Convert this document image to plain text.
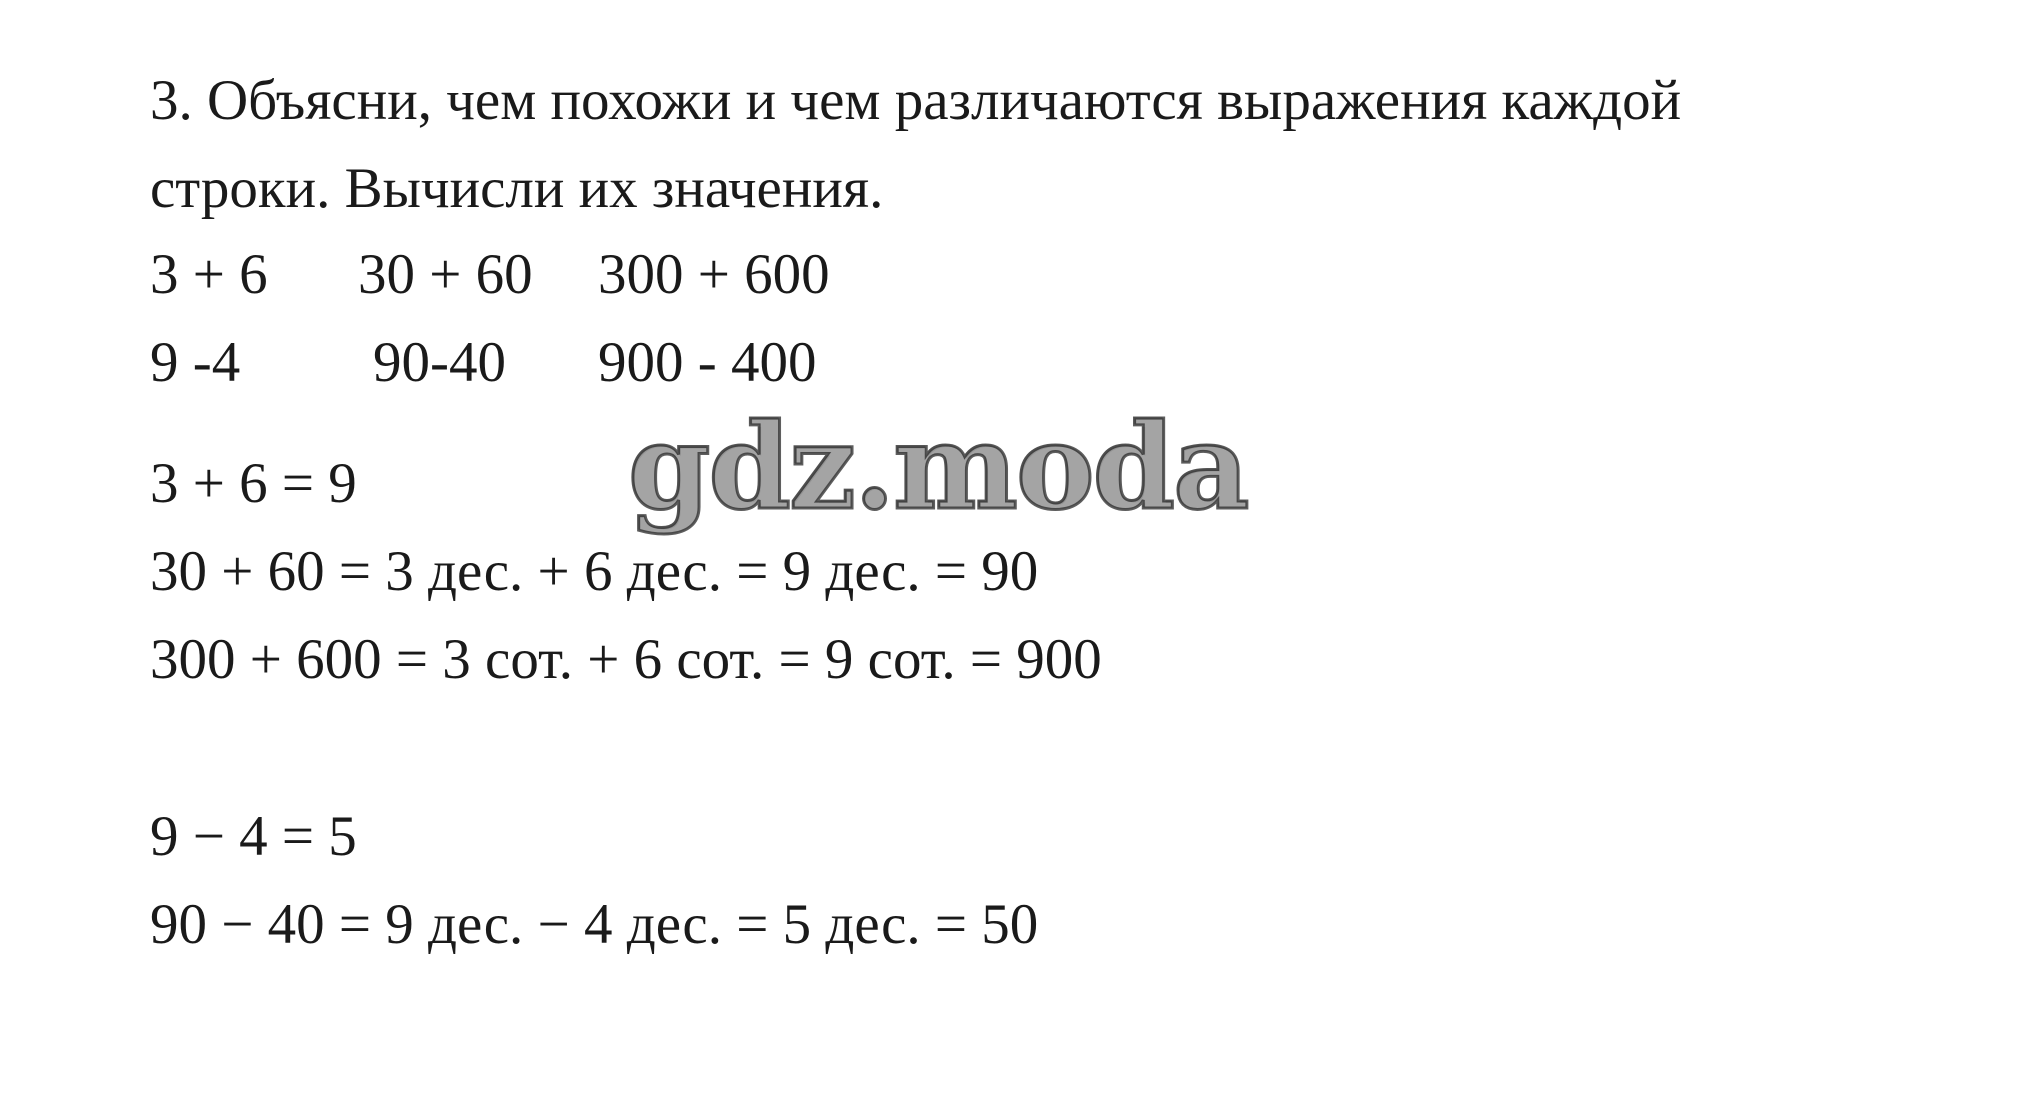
3. Объясни, чем похожи и чем различаются выражения каждой
строки. Вычисли их значения.
3 + 6 30 + 60 300 + 600
9 -4 90-40 900 - 400
3 + 6 = 9
30 + 60 = 3 дес. + 6 дес. = 9 дес. = 90
300 + 600 = 3 сот. + 6 сот. = 9 сот. = 900
9 − 4 = 5
90 − 40 = 9 дес. − 4 дес. = 5 дес. = 50
gdz.moda
